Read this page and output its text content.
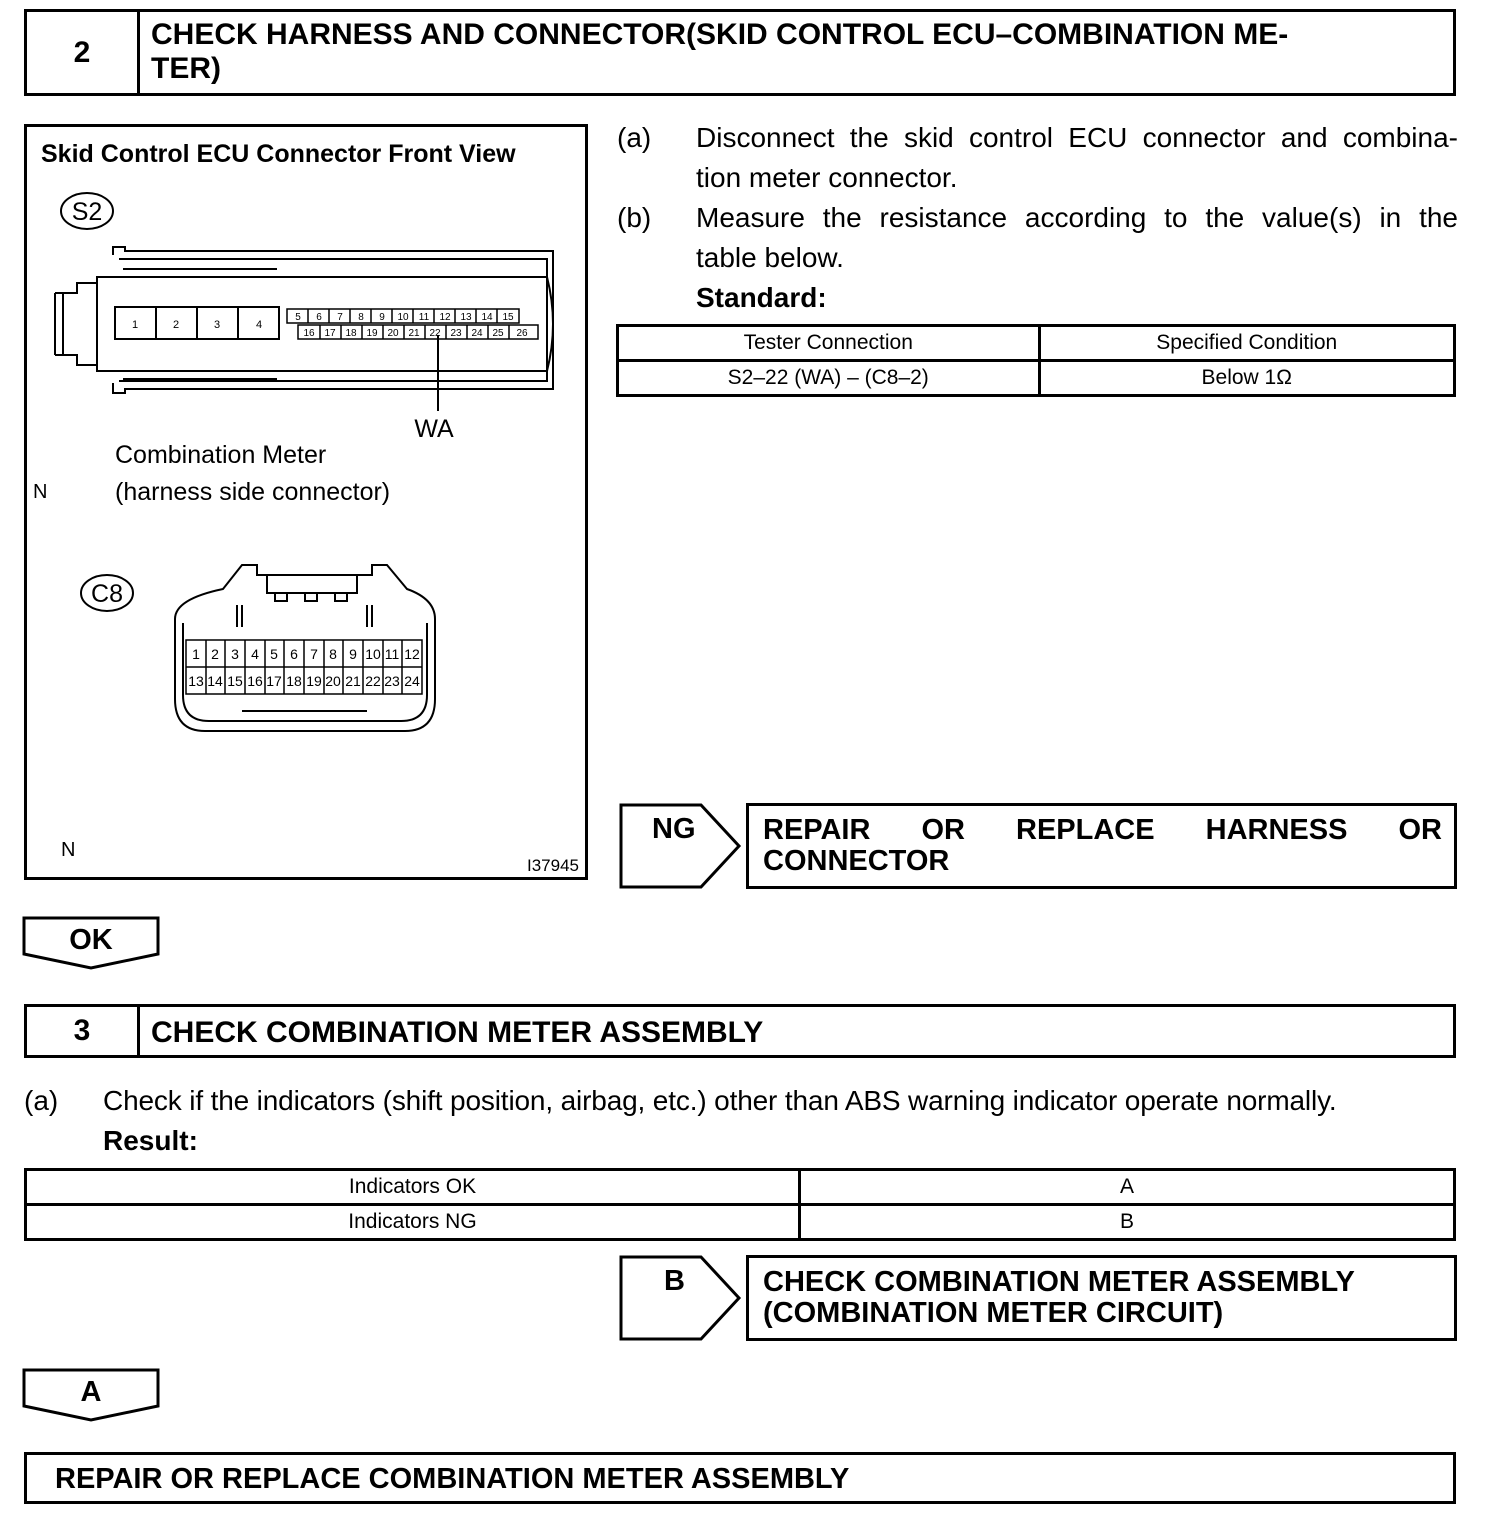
2
CHECK HARNESS AND CONNECTOR(SKID CONTROL ECU–COMBINATION ME-
TER)
Skid Control ECU Connector Front View
S2
1	2	3	4
5 6 7 8 9 10 11 12 13 14 15
16 17 18 19 20 21 22 23 24 25 26
WA
Combination Meter
(harness side connector)
N
C8
1 2 3 4 5 6 7 8 9 10 11 12
13 14 15 16 17 18 19 20 21 22 23 24
N
I37945
(a) Disconnect the skid control ECU connector and combina-
tion meter connector.
(b) Measure the resistance according to the value(s) in the
table below.
Standard:
Tester Connection	Specified Condition
S2–22 (WA) – (C8–2)	Below 1Ω
NG REPAIR OR REPLACE HARNESS OR
CONNECTOR
OK
3	CHECK COMBINATION METER ASSEMBLY
(a) Check if the indicators (shift position, airbag, etc.) other than ABS warning indicator operate normally.
Result:
Indicators OK	A
Indicators NG	B
B	CHECK COMBINATION METER ASSEMBLY
(COMBINATION METER CIRCUIT)
A
REPAIR OR REPLACE COMBINATION METER ASSEMBLY
